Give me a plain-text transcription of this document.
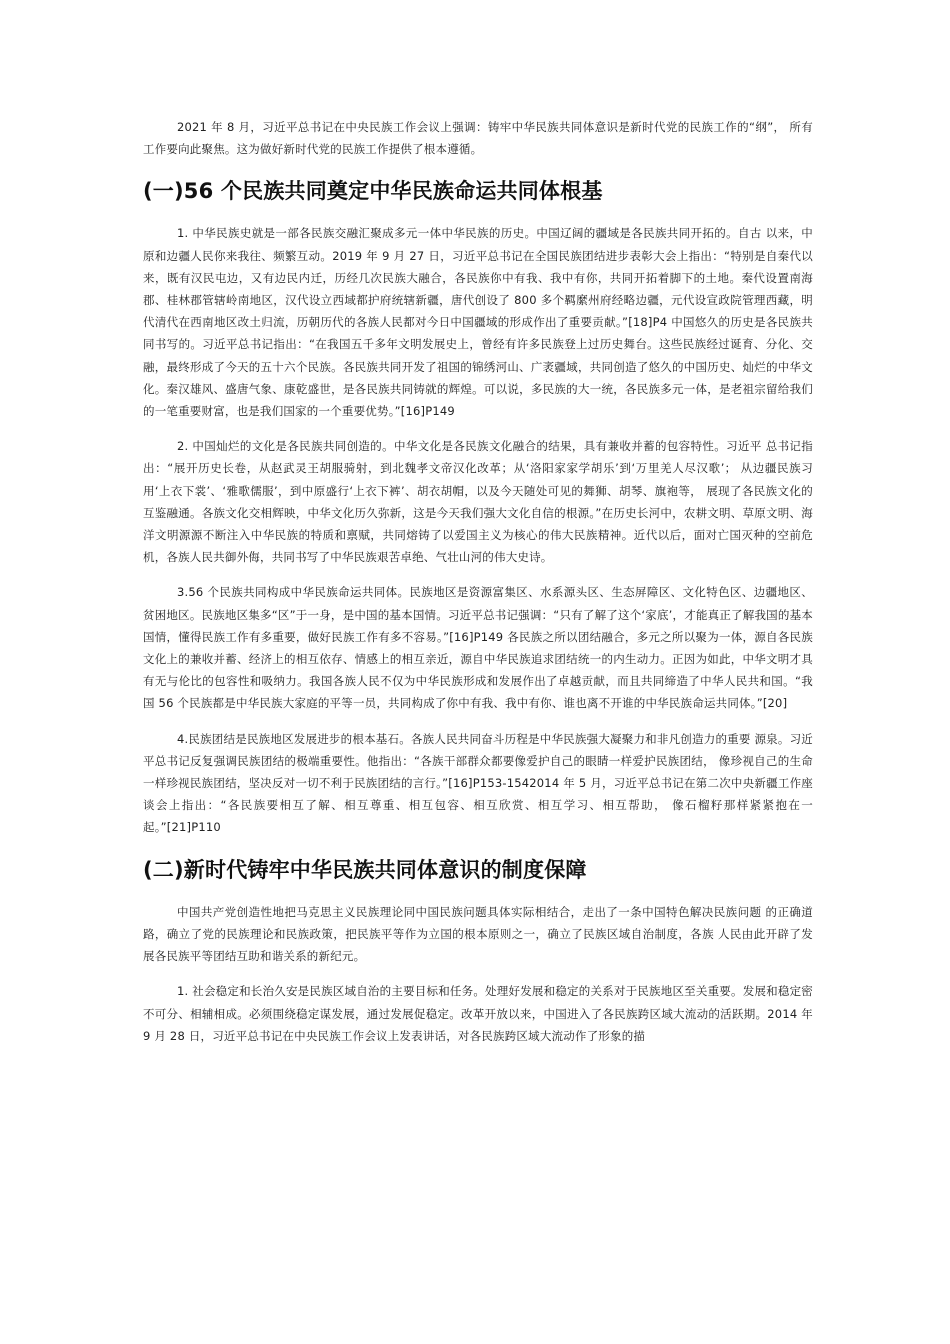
2021 年 8 月，习近平总书记在中央民族工作会议上强调：铸牢中华民族共同体意识是新时代党的民族工作的“纲”， 所有工作要向此聚焦。这为做好新时代党的民族工作提供了根本遵循。

(一)56 个民族共同奠定中华民族命运共同体根基

1. 中华民族史就是一部各民族交融汇聚成多元一体中华民族的历史。中国辽阔的疆域是各民族共同开拓的。自古 以来，中原和边疆人民你来我往、频繁互动。2019 年 9 月 27 日，习近平总书记在全国民族团结进步表彰大会上指出：“特别是自秦代以来，既有汉民屯边，又有边民内迁，历经几次民族大融合，各民族你中有我、我中有你，共同开拓着脚下的土地。秦代设置南海郡、桂林郡管辖岭南地区，汉代设立西域都护府统辖新疆，唐代创设了 800 多个羁縻州府经略边疆，元代设宣政院管理西藏，明代清代在西南地区改土归流，历朝历代的各族人民都对今日中国疆域的形成作出了重要贡献。”[18]P4 中国悠久的历史是各民族共同书写的。习近平总书记指出：“在我国五千多年文明发展史上，曾经有许多民族登上过历史舞台。这些民族经过诞育、分化、交融，最终形成了今天的五十六个民族。各民族共同开发了祖国的锦绣河山、广袤疆域，共同创造了悠久的中国历史、灿烂的中华文化。秦汉雄风、盛唐气象、康乾盛世，是各民族共同铸就的辉煌。可以说，多民族的大一统，各民族多元一体，是老祖宗留给我们的一笔重要财富，也是我们国家的一个重要优势。”[16]P149

2. 中国灿烂的文化是各民族共同创造的。中华文化是各民族文化融合的结果，具有兼收并蓄的包容特性。习近平 总书记指出：“展开历史长卷，从赵武灵王胡服骑射，到北魏孝文帝汉化改革；从‘洛阳家家学胡乐’到‘万里羌人尽汉歌’； 从边疆民族习用‘上衣下裳’、‘雅歌儒服’，到中原盛行‘上衣下裤’、胡衣胡帽，以及今天随处可见的舞狮、胡琴、旗袍等， 展现了各民族文化的互鉴融通。各族文化交相辉映，中华文化历久弥新，这是今天我们强大文化自信的根源。”在历史长河中，农耕文明、草原文明、海洋文明源源不断注入中华民族的特质和禀赋，共同熔铸了以爱国主义为核心的伟大民族精神。近代以后，面对亡国灭种的空前危机，各族人民共御外侮，共同书写了中华民族艰苦卓绝、气壮山河的伟大史诗。

3.56 个民族共同构成中华民族命运共同体。民族地区是资源富集区、水系源头区、生态屏障区、文化特色区、边疆地区、贫困地区。民族地区集多“区”于一身，是中国的基本国情。习近平总书记强调：“只有了解了这个‘家底’，才能真正了解我国的基本国情，懂得民族工作有多重要，做好民族工作有多不容易。”[16]P149 各民族之所以团结融合，多元之所以聚为一体，源自各民族文化上的兼收并蓄、经济上的相互依存、情感上的相互亲近，源自中华民族追求团结统一的内生动力。正因为如此，中华文明才具有无与伦比的包容性和吸纳力。我国各族人民不仅为中华民族形成和发展作出了卓越贡献，而且共同缔造了中华人民共和国。“我国 56 个民族都是中华民族大家庭的平等一员，共同构成了你中有我、我中有你、谁也离不开谁的中华民族命运共同体。”[20]

4.民族团结是民族地区发展进步的根本基石。各族人民共同奋斗历程是中华民族强大凝聚力和非凡创造力的重要 源泉。习近平总书记反复强调民族团结的极端重要性。他指出：“各族干部群众都要像爱护自己的眼睛一样爱护民族团结， 像珍视自己的生命一样珍视民族团结，坚决反对一切不利于民族团结的言行。”[16]P153-1542014 年 5 月，习近平总书记在第二次中央新疆工作座谈会上指出：“各民族要相互了解、相互尊重、相互包容、相互欣赏、相互学习、相互帮助， 像石榴籽那样紧紧抱在一起。”[21]P110

(二)新时代铸牢中华民族共同体意识的制度保障

中国共产党创造性地把马克思主义民族理论同中国民族问题具体实际相结合，走出了一条中国特色解决民族问题 的正确道路，确立了党的民族理论和民族政策，把民族平等作为立国的根本原则之一，确立了民族区域自治制度，各族 人民由此开辟了发展各民族平等团结互助和谐关系的新纪元。

1. 社会稳定和长治久安是民族区域自治的主要目标和任务。处理好发展和稳定的关系对于民族地区至关重要。发展和稳定密不可分、相辅相成。必须围绕稳定谋发展，通过发展促稳定。改革开放以来，中国进入了各民族跨区域大流动的活跃期。2014 年 9 月 28 日，习近平总书记在中央民族工作会议上发表讲话，对各民族跨区域大流动作了形象的描
